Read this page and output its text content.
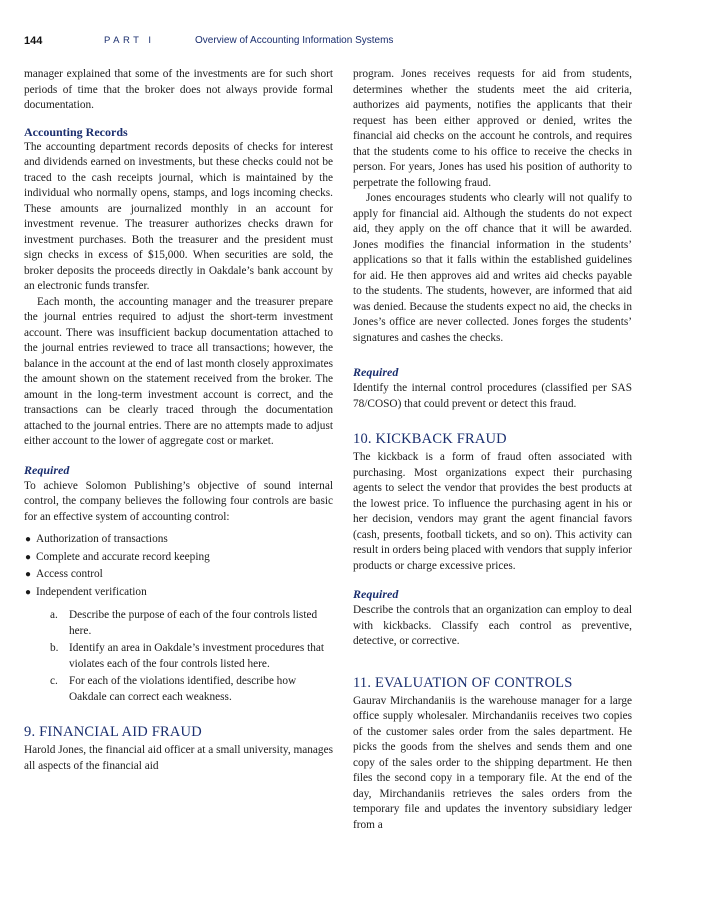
144	PART I	Overview of Accounting Information Systems

manager explained that some of the investments are for such short periods of time that the broker does not always provide formal documentation.

Accounting Records

The accounting department records deposits of checks for interest and dividends earned on investments, but these checks could not be traced to the cash receipts journal, which is maintained by the individual who normally opens, stamps, and logs incoming checks. These amounts are journalized monthly in an account for investment revenue. The treasurer authorizes checks drawn for investment purchases. Both the treasurer and the president must sign checks in excess of $15,000. When securities are sold, the broker deposits the proceeds directly in Oakdale’s bank account by an electronic funds transfer.

Each month, the accounting manager and the treasurer prepare the journal entries required to adjust the short-term investment account. There was insufficient backup documentation attached to the journal entries reviewed to trace all transactions; however, the balance in the account at the end of last month closely approximates the amount shown on the statement received from the broker. The amount in the long-term investment account is correct, and the transactions can be clearly traced through the documentation attached to the journal entries. There are no attempts made to adjust either account to the lower of aggregate cost or market.

Required

To achieve Solomon Publishing’s objective of sound internal control, the company believes the following four controls are basic for an effective system of accounting control:

● Authorization of transactions
● Complete and accurate record keeping
● Access control
● Independent verification
a. Describe the purpose of each of the four controls listed here.
b. Identify an area in Oakdale’s investment procedures that violates each of the four controls listed here.
c. For each of the violations identified, describe how Oakdale can correct each weakness.
9. FINANCIAL AID FRAUD

Harold Jones, the financial aid officer at a small university, manages all aspects of the financial aid

program. Jones receives requests for aid from students, determines whether the students meet the aid criteria, authorizes aid payments, notifies the applicants that their request has been either approved or denied, writes the financial aid checks on the account he controls, and requires that the students come to his office to receive the checks in person. For years, Jones has used his position of authority to perpetrate the following fraud.

Jones encourages students who clearly will not qualify to apply for financial aid. Although the students do not expect aid, they apply on the off chance that it will be awarded. Jones modifies the financial information in the students’ applications so that it falls within the established guidelines for aid. He then approves aid and writes aid checks payable to the students. The students, however, are informed that aid was denied. Because the students expect no aid, the checks in Jones’s office are never collected. Jones forges the students’ signatures and cashes the checks.

Required

Identify the internal control procedures (classified per SAS 78/COSO) that could prevent or detect this fraud.

10. KICKBACK FRAUD

The kickback is a form of fraud often associated with purchasing. Most organizations expect their purchasing agents to select the vendor that provides the best products at the lowest price. To influence the purchasing agent in his or her decision, vendors may grant the agent financial favors (cash, presents, football tickets, and so on). This activity can result in orders being placed with vendors that supply inferior products or charge excessive prices.

Required

Describe the controls that an organization can employ to deal with kickbacks. Classify each control as preventive, detective, or corrective.

11. EVALUATION OF CONTROLS

Gaurav Mirchandaniis is the warehouse manager for a large office supply wholesaler. Mirchandaniis receives two copies of the customer sales order from the sales department. He picks the goods from the shelves and sends them and one copy of the sales order to the shipping department. He then files the second copy in a temporary file. At the end of the day, Mirchandaniis retrieves the sales orders from the temporary file and updates the inventory subsidiary ledger from a
